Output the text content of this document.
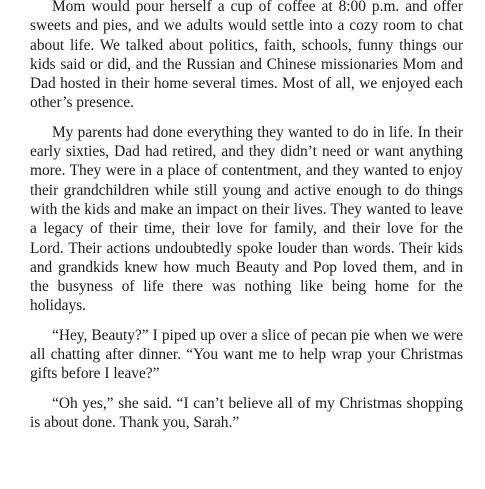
Mom would pour herself a cup of coffee at 8:00 p.m. and offer sweets and pies, and we adults would settle into a cozy room to chat about life. We talked about politics, faith, schools, funny things our kids said or did, and the Russian and Chinese missionaries Mom and Dad hosted in their home several times. Most of all, we enjoyed each other’s presence.

My parents had done everything they wanted to do in life. In their early sixties, Dad had retired, and they didn’t need or want anything more. They were in a place of contentment, and they wanted to enjoy their grandchildren while still young and active enough to do things with the kids and make an impact on their lives. They wanted to leave a legacy of their time, their love for family, and their love for the Lord. Their actions undoubtedly spoke louder than words. Their kids and grandkids knew how much Beauty and Pop loved them, and in the busyness of life there was nothing like being home for the holidays.

“Hey, Beauty?” I piped up over a slice of pecan pie when we were all chatting after dinner. “You want me to help wrap your Christmas gifts before I leave?”

“Oh yes,” she said. “I can’t believe all of my Christmas shopping is about done. Thank you, Sarah.”
